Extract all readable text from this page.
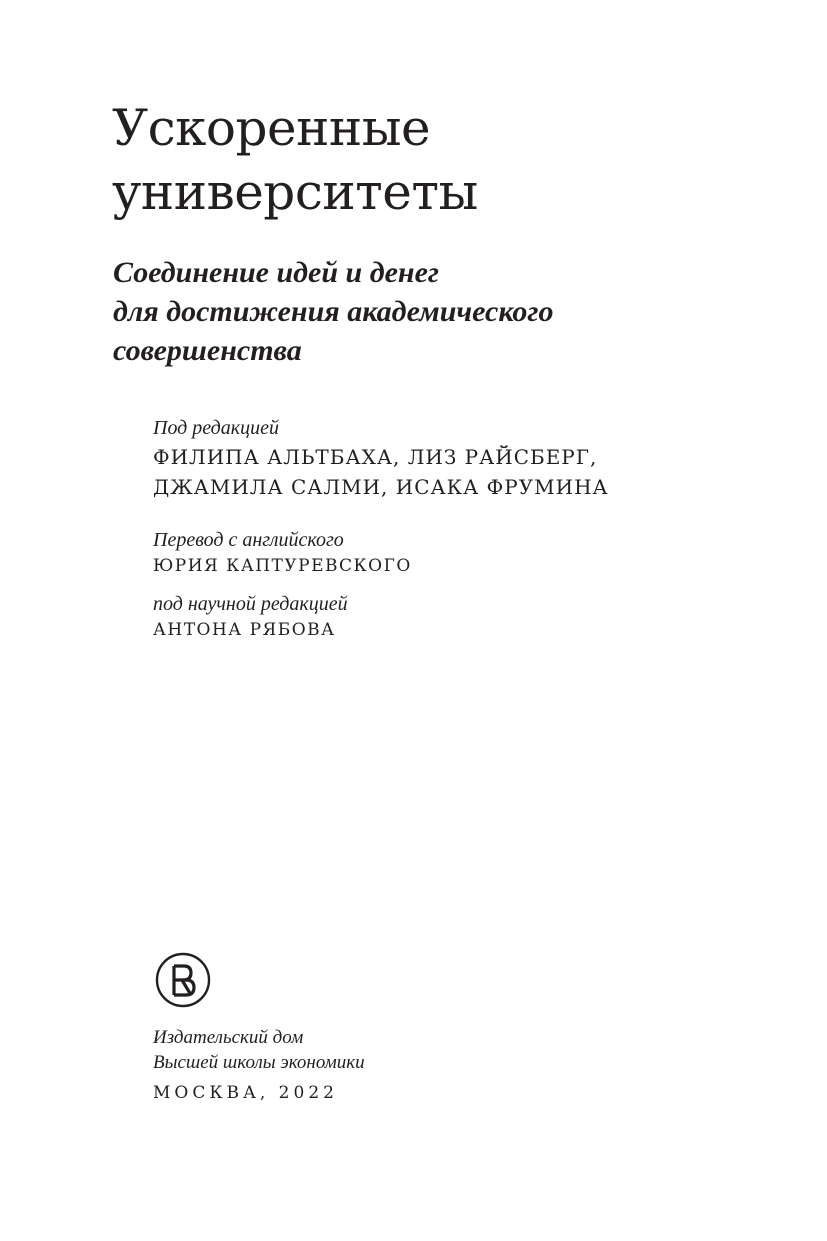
Ускоренные
университеты
Соединение идей и денег
для достижения академического
совершенства
Под редакцией
ФИЛИПА АЛЬТБАХА, ЛИЗ РАЙСБЕРГ,
ДЖАМИЛА САЛМИ, ИСАКА ФРУМИНА
Перевод с английского
ЮРИЯ КАПТУРЕВСКОГО
под научной редакцией
АНТОНА РЯБОВА
Издательский дом
Высшей школы экономики
МОСКВА, 2022
